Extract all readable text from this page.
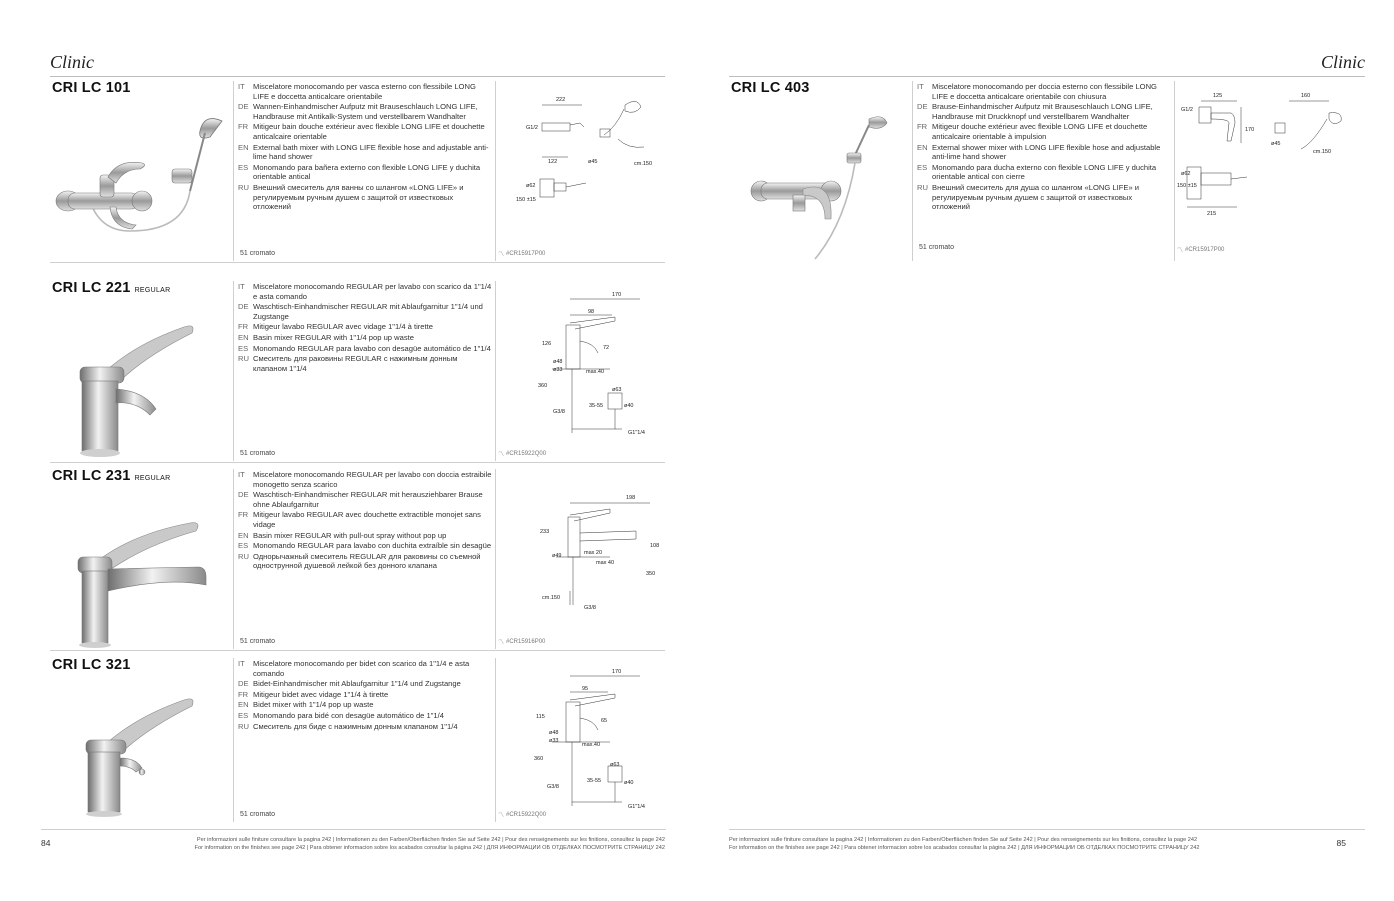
Clinic
CRI LC 101	IT	Miscelatore monocomando per vasca esterno con flessibile LONG LIFE e doccetta anticalcare orientabile
DE Wannen-Einhandmischer Aufputz mit Brauseschlauch LONG LIFE, Handbrause mit Antikalk-System und verstellbarem Wandhalter
FR Mitigeur bain douche extérieur avec flexible LONG LIFE et douchette anticalcaire orientable
EN External bath mixer with LONG LIFE flexible hose and adjustable anti-lime hand shower
ES Monomando para bañera externo con flexible LONG LIFE y duchita orientable antical
RU Внешний смеситель для ванны со шлангом «LONG LIFE» и регулируемым ручным душем с защитой от известковых отложений
51 cromato
222
G1/2
122	ø45	cm.150
ø62
150 ±15
〽 #CR15917P00
CRI LC 221 REGULAR	IT	Miscelatore monocomando REGULAR per lavabo con scarico da 1"1/4 e asta comando
DE Waschtisch-Einhandmischer REGULAR mit Ablaufgarnitur 1"1/4 und Zugstange
FR Mitigeur lavabo REGULAR avec vidage 1"1/4 à tirette
EN Basin mixer REGULAR with 1"1/4 pop up waste
ES Monomando REGULAR para lavabo con desagüe automático de 1"1/4
RU Смеситель для раковины REGULAR с нажимным донным клапаном 1"1/4
51 cromato
170
98
126
72
ø48
ø33	max.40
360
ø63
35-55	ø40
G3/8
G1"1/4
〽 #CR15922Q00
CRI LC 231 REGULAR	IT	Miscelatore monocomando REGULAR per lavabo con doccia estraibile monogetto senza scarico
DE Waschtisch-Einhandmischer REGULAR mit herausziehbarer Brause ohne Ablaufgarnitur
FR Mitigeur lavabo REGULAR avec douchette extractible monojet sans vidage
EN Basin mixer REGULAR with pull-out spray without pop up
ES Monomando REGULAR para lavabo con duchita extraíble sin desagüe
RU Однорычажный смеситель REGULAR для раковины со съемной однострунной душевой лейкой без донного клапана
51 cromato
198
233
108
ø49	max 20
max 40
350
cm.150
G3/8
〽 #CR15916P00
CRI LC 321	IT	Miscelatore monocomando per bidet con scarico da 1"1/4 e asta comando
DE Bidet-Einhandmischer mit Ablaufgarnitur 1"1/4 und Zugstange
FR Mitigeur bidet avec vidage 1"1/4 à tirette
EN Bidet mixer with 1"1/4 pop up waste
ES Monomando para bidé con desagüe automático de 1"1/4
RU Смеситель для биде с нажимным донным клапаном 1"1/4
51 cromato
170
95
115
65
ø48
ø33
max.40
360
ø63
35-55	ø40
G3/8
G1"1/4
〽 #CR15922Q00
84	Per informazioni sulle finiture consultare la pagina 242 | Informationen zu den Farben/Oberflächen finden Sie auf Seite 242 | Pour des renseignements sur les finitions, consultez la page 242
For information on the finishes see page 242 | Para obtener informacion sobre los acabados consultar la página 242 | ДЛЯ ИНФОРМАЦИИ ОБ ОТДЕЛКАХ ПОСМОТРИТЕ СТРАНИЦУ 242
Clinic
CRI LC 403	IT	Miscelatore monocomando per doccia esterno con flessibile LONG LIFE e doccetta anticalcare orientabile con chiusura
DE Brause-Einhandmischer Aufputz mit Brauseschlauch LONG LIFE, Handbrause mit Druckknopf und verstellbarem Wandhalter
FR Mitigeur douche extérieur avec flexible LONG LIFE et douchette anticalcaire orientable à impulsion
EN External shower mixer with LONG LIFE flexible hose and adjustable anti-lime hand shower
ES Monomando para ducha externo con flexible LONG LIFE y duchita orientable antical con cierre
RU Внешний смеситель для душа со шлангом «LONG LIFE» и регулируемым ручным душем с защитой от известковых отложений
51 cromato
125	160
G1/2
170
ø45
cm.150
ø62
150 ±15
215
〽 #CR15917P00
85
Per informazioni sulle finiture consultare la pagina 242 | Informationen zu den Farben/Oberflächen finden Sie auf Seite 242 | Pour des renseignements sur les finitions, consultez la page 242
For information on the finishes see page 242 | Para obtener informacion sobre los acabados consultar la página 242 | ДЛЯ ИНФОРМАЦИИ ОБ ОТДЕЛКАХ ПОСМОТРИТЕ СТРАНИЦУ 242
